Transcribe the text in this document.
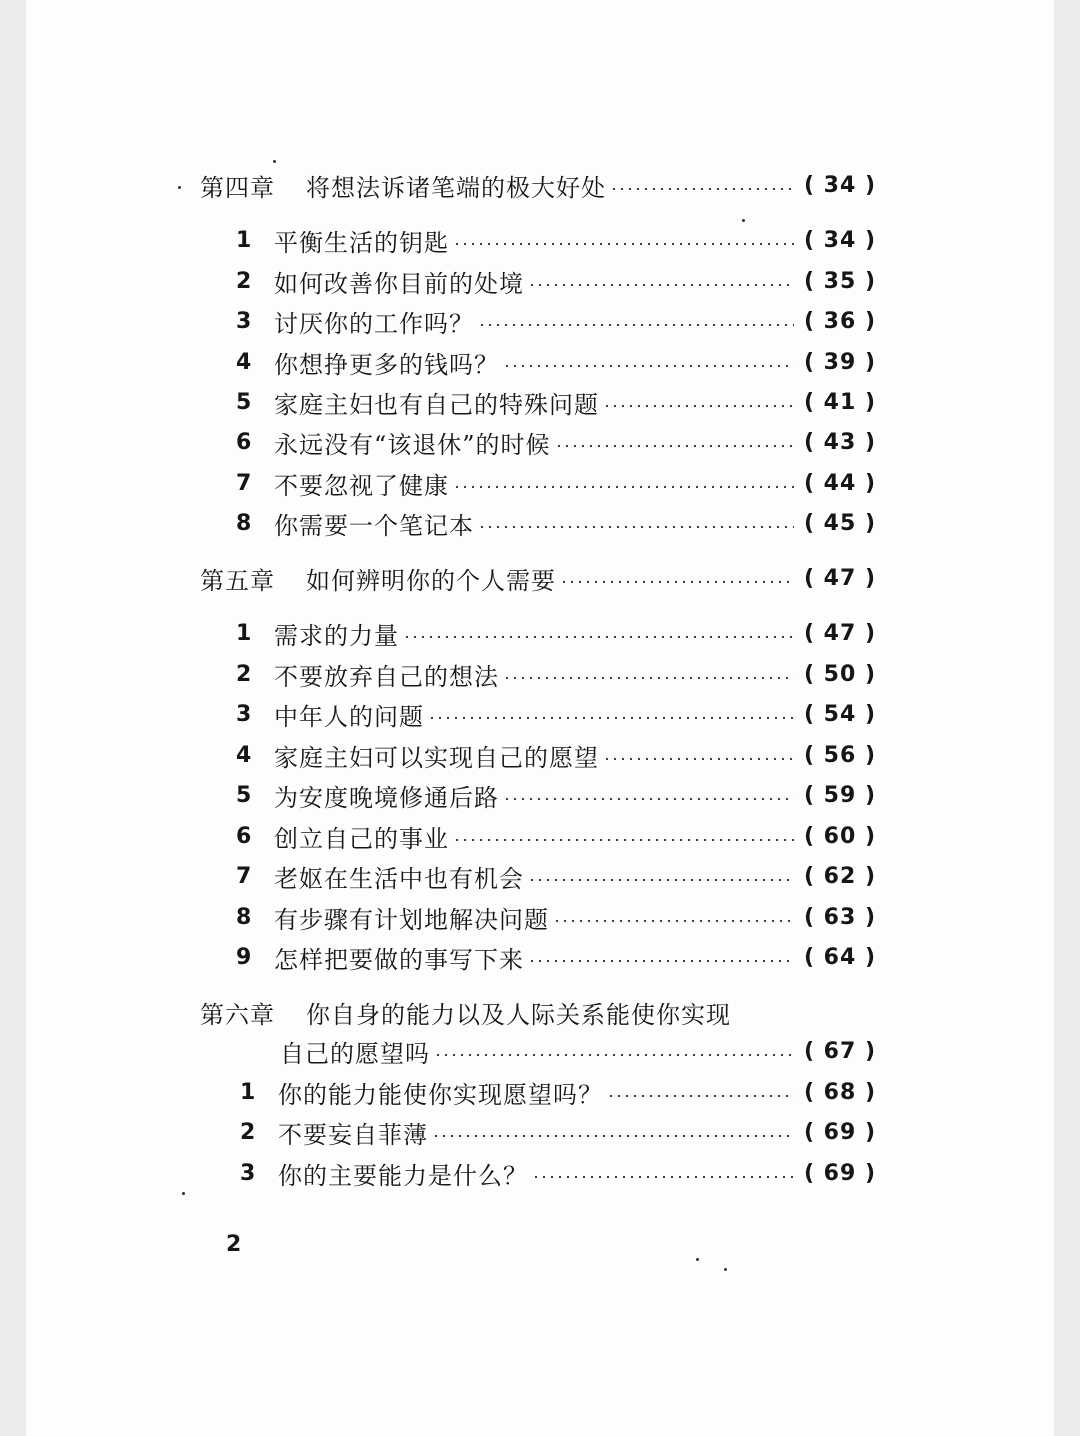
第四章	将想法诉诸笔端的极大好处	( 34 )
1 平衡生活的钥匙	( 34 )
2 如何改善你目前的处境	( 35 )
3 讨厌你的工作吗？	( 36 )
4 你想挣更多的钱吗？	( 39 )
5 家庭主妇也有自己的特殊问题	( 41 )
6 永远没有“该退休”的时候	( 43 )
7 不要忽视了健康	( 44 )
8 你需要一个笔记本	( 45 )
第五章	如何辨明你的个人需要	( 47 )
1 需求的力量	( 47 )
2 不要放弃自己的想法	( 50 )
3 中年人的问题	( 54 )
4 家庭主妇可以实现自己的愿望	( 56 )
5 为安度晚境修通后路	( 59 )
6 创立自己的事业	( 60 )
7 老妪在生活中也有机会	( 62 )
8 有步骤有计划地解决问题	( 63 )
9 怎样把要做的事写下来	( 64 )
第六章	你自身的能力以及人际关系能使你实现
自己的愿望吗	( 67 )
1 你的能力能使你实现愿望吗？	( 68 )
2 不要妄自菲薄	( 69 )
3 你的主要能力是什么？	( 69 )
2
